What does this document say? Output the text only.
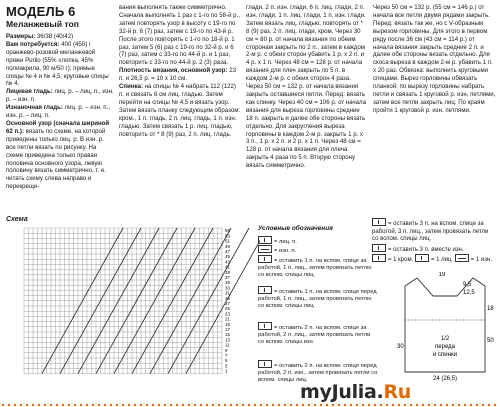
МОДЕЛЬ 6
Меланжевый топ

Размеры: 36/38 (40/42)

Вам потребуется: 400 (450) г оранжево-розовой меланжевой пряжи Purilo (55% хлопка, 45% полиакрила, 90 м/50 г); прямые спицы № 4 и № 4,5; круговые спицы № 4.

Лицевая гладь: лиц. р. – лиц. п., изн. р. – изн. п.

Изнаночная гладь: лиц. р. – изн. п., изн. р. – лиц. п.

Основной узор (сначала шириной 62 п.): вязать по схеме, на которой приведены только лиц. р. В изн. р. все петли вязать по рисунку. На схеме приведена только правая половина основного узора, левую половину вязать симметрично, т. е. читать схему слева направо и перекрещи-

вания выполнять также симметрично. Сначала выполнять 1 раз с 1-го по 58-й р., затем повторять узор в высоту с 19-го по 32-й р. 6 (7) раз, затем с 19-го по 43-й р. После этого повторять с 1-го по 18-й р. 1 раз, затем 5 (6) раз с 19-го по 32-й р. и 6 (7) раз, затем с 33-го по 44-й р. и 1 раз, повторить с 33-го по 44-й р. 2 (3) раза.

Плотность вязания, основной узор: 23 п. и 26,5 р. = 10 х 10 см.

Спинка: на спицы № 4 набрать 112 (122) п. и связать 6 см лиц. гладью. Затем перейти на спицы № 4,5 и вязать узор. Затем вязать планку следующим образом: кром., 1 п. гладь, 2 п. лиц. гладь, 1 п. изн. гладью. Затем связать 1 р. лиц. гладью, повторить от * 8 (9) раз, 2 п. лиц. гладь.

глади, 2 п. изн. глади, 6 п. лиц. глади, 2 п. изн. глади, 1 п. лиц. глади, 1 п. изн. глади. Затем вязать лиц. гладью, повторять от * 8 (9) раз, 2 п. лиц. глади, кром. Через 30 см = 80 р. от начала вязания по обеим сторонам закрыть по 2 п., затем в каждом 2-м р. с обеих сторон убавить 1 р. х 2 п. и 4 р. х 1 п. Через 48 см = 128 р. от начала вязания для плеч закрыть по 5 п. в каждом 2-м р. с обеих сторон 4 раза. Через 50 см = 132 р. от начала вязания закрыть оставшиеся петли. Перед: вязать как спинку. Через 40 см = 106 р. от начала вязания для выреза горловины средние 18 п. закрыть и далее обе стороны вязать отдельно. Для закругления выреза горловины в каждом 2-м р. закрыть 1 р. х 3 п., 1 р. х 2 п. и 2 р. х 1 п. Через 48 см = 128 р. от начала вязания для плеча закрыть 4 раза по 5 п. Вторую сторону вязать симметрично.

Через 50 см = 132 р. (55 см = 146 р.) от начала все петли двумя рядами закрыть. Перед: вязать так же, но с V-образным вырезом горловины. Для этого в первом ряду после 36 см (43 см = 114 р.) от начала вязания закрыть средние 2 п. и далее обе стороны вязать отдельно. Для скоса выреза в каждом 2-м р. убавить 1 п. х 20 раз. Обвязка: выполнить круговыми спицами. Вырез горловины обвязать планкой: по вырезу горловины набрать петли и связать 1 круговой р. изн. петлями, затем все петли закрыть лиц. По краям пройти 1 круговой р. изн. петлями.

Схема
55
53
51
49
47
45
43
41
39
37
35
33
31
29
27
25
23
21
19
17
15
13
11
9
7
5
3
1
Условные обозначения
= лиц. п.
= изн. п.
= оставить 1 п. на вспом. спице за работой, 1 п. лиц., затем провязать петлю со вспом. спицы лиц.
= оставить 1 п. на вспом. спице перед работой, 1 п. лиц., затем провязать петлю со вспом. спицы лиц.
= оставить 2 п. на вспом. спице за работой, 2 п. лиц., затем провязать петли со вспом. спицы изн.
= оставить 2 п. на вспом. спице перед работой, 2 п. изн., затем провязать петли со вспом. спицы лиц.

= оставить 3 п. на вспом. спице за работой, 3 п. лиц., затем провязать петли со вспом. спицы лиц.

= оставить 3 п. вместе изн.

= 1 кром.	= 1 лиц.	= 1 изн.

19
9,5
12,5
18
50
30
1/2
переда
и спинки
24 (26,5)
myJulia.Ru
